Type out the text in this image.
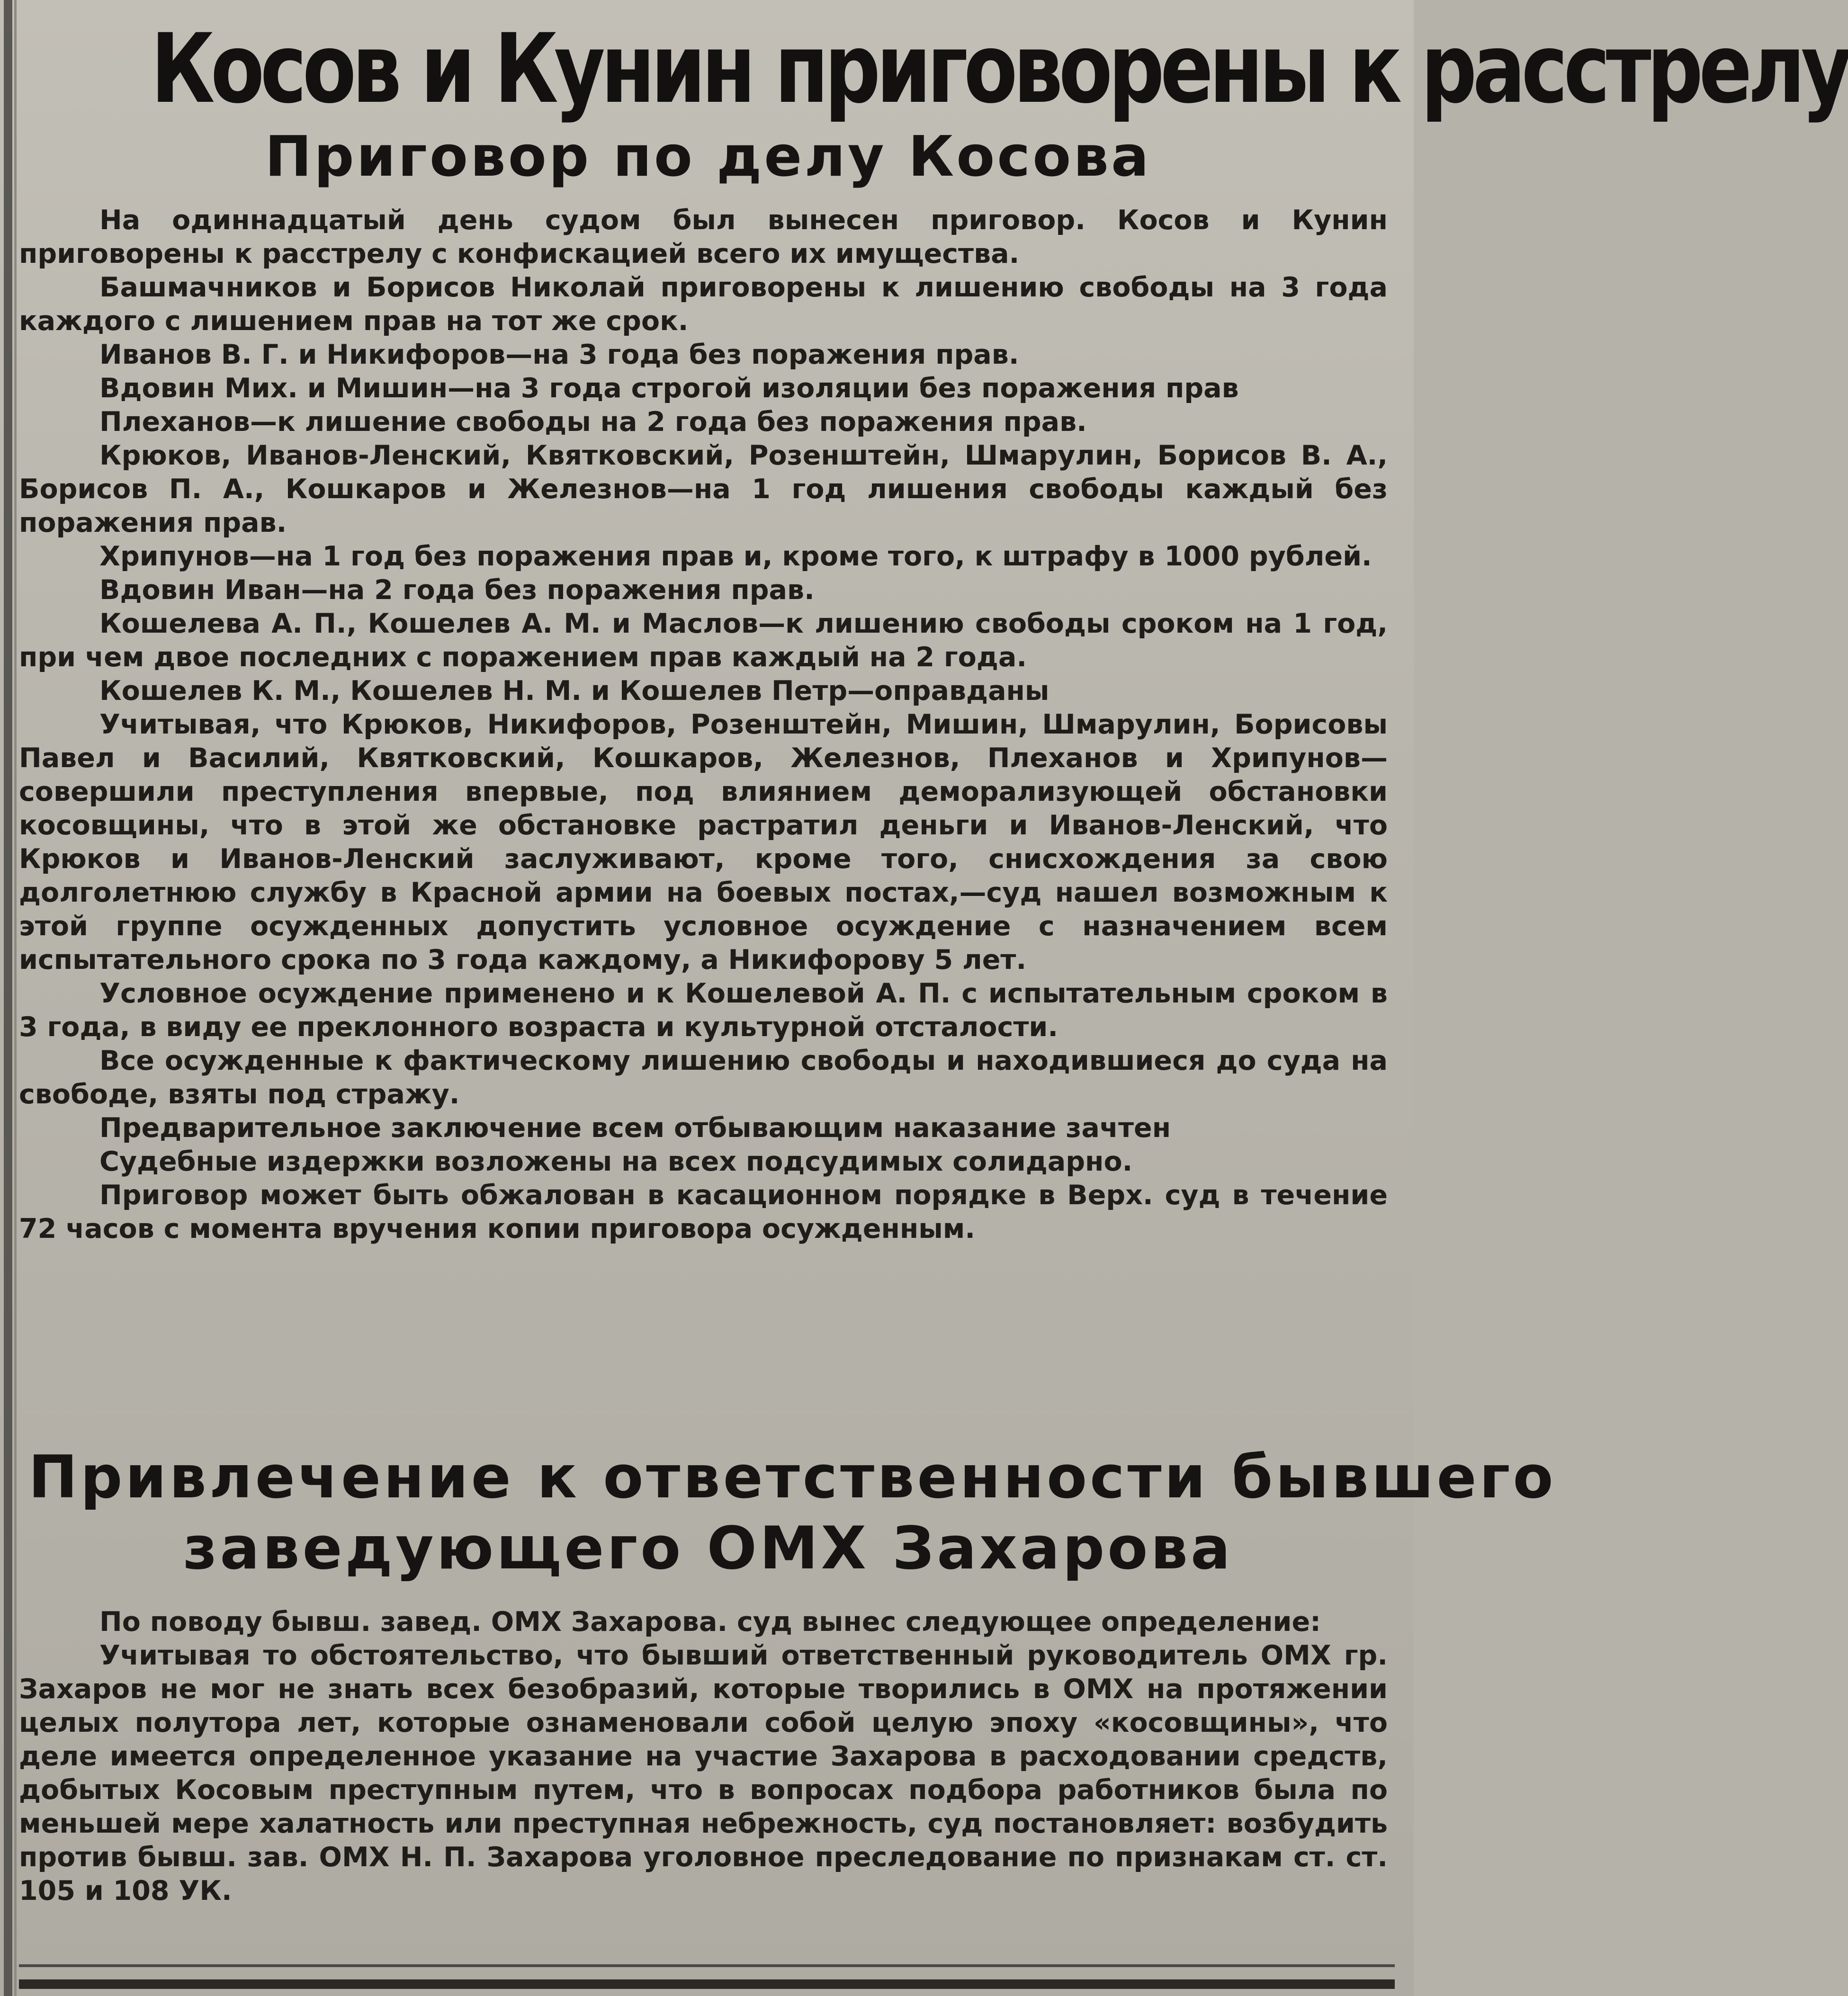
Косов и Кунин приговорены к расстрелу
Приговор по делу Косова

На одиннадцатый день судом был вынесен приговор. Косов и Кунин приговорены к расстрелу с конфискацией всего их имущества.

Башмачников и Борисов Николай приговорены к лишению свободы на 3 года каждого с лишением прав на тот же срок.

Иванов В. Г. и Никифоров—на 3 года без поражения прав.

Вдовин Мих. и Мишин—на 3 года строгой изоляции без поражения прав

Плеханов—к лишение свободы на 2 года без поражения прав.

Крюков, Иванов-Ленский, Квятковский, Розенштейн, Шмарулин, Борисов В. А., Борисов П. А., Кошкаров и Железнов—на 1 год лишения свободы каждый без поражения прав.

Хрипунов—на 1 год без поражения прав и, кроме того, к штрафу в 1000 рублей.

Вдовин Иван—на 2 года без поражения прав.

Кошелева А. П., Кошелев А. М. и Маслов—к лишению свободы сроком на 1 год, при чем двое последних с поражением прав каждый на 2 года.

Кошелев К. М., Кошелев Н. М. и Кошелев Петр—оправданы

Учитывая, что Крюков, Никифоров, Розенштейн, Мишин, Шмарулин, Борисовы Павел и Василий, Квятковский, Кошкаров, Железнов, Плеханов и Хрипунов—совершили преступления впервые, под влиянием деморализующей обстановки косовщины, что в этой же обстановке растратил деньги и Иванов-Ленский, что Крюков и Иванов-Ленский заслуживают, кроме того, снисхождения за свою долголетнюю службу в Красной армии на боевых постах,—суд нашел возможным к этой группе осужденных допустить условное осуждение с назначением всем испытательного срока по 3 года каждому, а Никифорову 5 лет.

Условное осуждение применено и к Кошелевой А. П. с испытательным сроком в 3 года, в виду ее преклонного возраста и культурной отсталости.

Все осужденные к фактическому лишению свободы и находившиеся до суда на свободе, взяты под стражу.

Предварительное заключение всем отбывающим наказание зачтен

Судебные издержки возложены на всех подсудимых солидарно.

Приговор может быть обжалован в касационном порядке в Верх. суд в течение 72 часов с момента вручения копии приговора осужденным.

Привлечение к ответственности бывшего
заведующего ОМХ Захарова

По поводу бывш. завед. ОМХ Захарова. суд вынес следующее определение:

Учитывая то обстоятельство, что бывший ответственный руководитель ОМХ гр. Захаров не мог не знать всех безобразий, которые творились в ОМХ на протяжении целых полутора лет, которые ознаменовали собой целую эпоху «косовщины», что деле имеется определенное указание на участие Захарова в расходовании средств, добытых Косовым преступным путем, что в вопросах подбора работников была по меньшей мере халатность или преступная небрежность, суд постановляет: возбудить против бывш. зав. ОМХ Н. П. Захарова уголовное преследование по признакам ст. ст. 105 и 108 УК.
